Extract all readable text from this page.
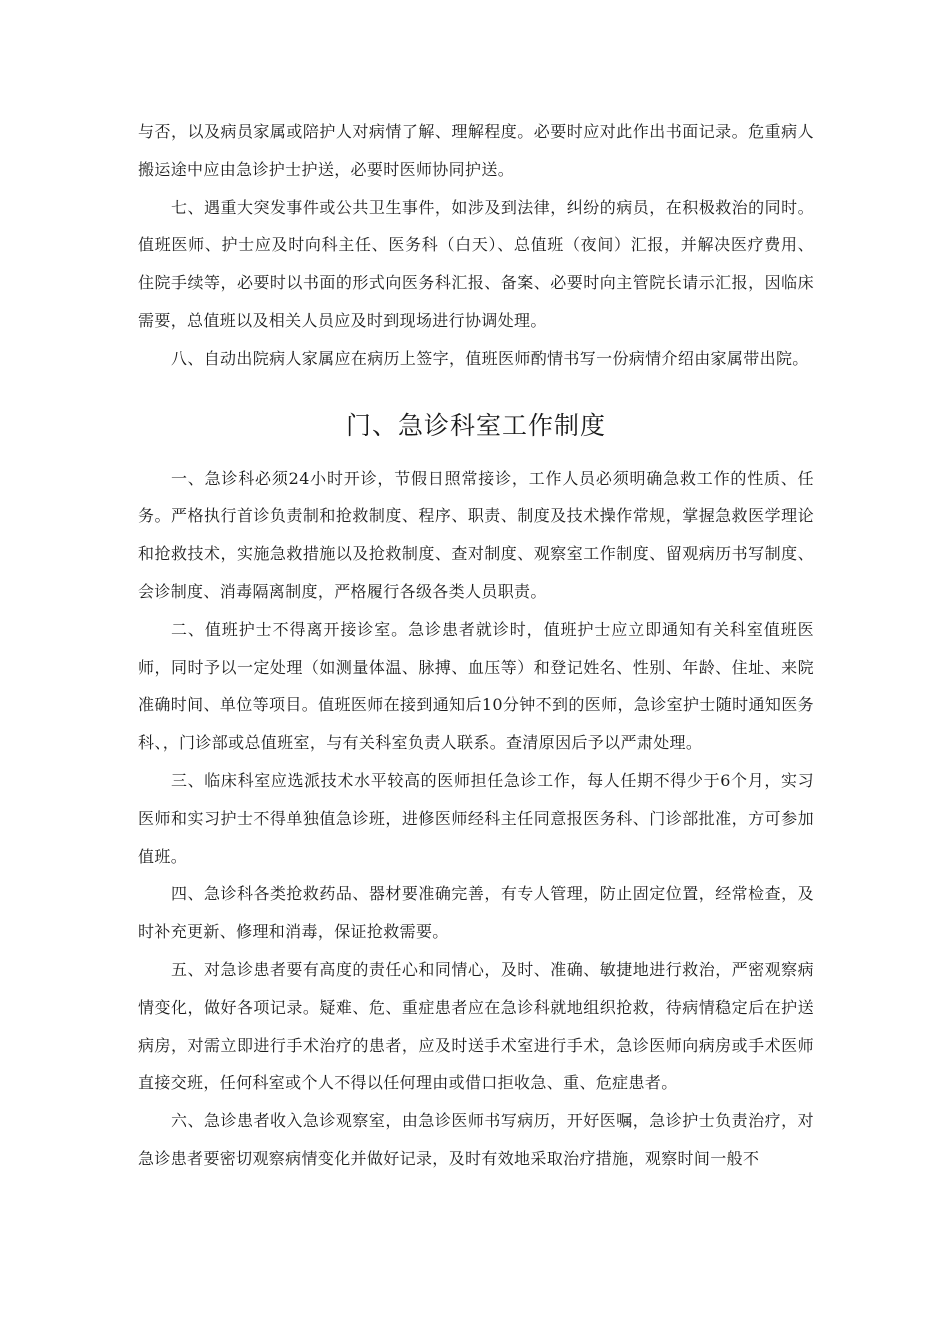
与否，以及病员家属或陪护人对病情了解、理解程度。必要时应对此作出书面记录。危重病人搬运途中应由急诊护士护送，必要时医师协同护送。

七、遇重大突发事件或公共卫生事件，如涉及到法律，纠纷的病员，在积极救治的同时。值班医师、护士应及时向科主任、医务科（白天）、总值班（夜间）汇报，并解决医疗费用、住院手续等，必要时以书面的形式向医务科汇报、备案、必要时向主管院长请示汇报，因临床需要，总值班以及相关人员应及时到现场进行协调处理。

八、自动出院病人家属应在病历上签字，值班医师酌情书写一份病情介绍由家属带出院。

门、急诊科室工作制度

一、急诊科必须24小时开诊，节假日照常接诊，工作人员必须明确急救工作的性质、任务。严格执行首诊负责制和抢救制度、程序、职责、制度及技术操作常规，掌握急救医学理论和抢救技术，实施急救措施以及抢救制度、查对制度、观察室工作制度、留观病历书写制度、会诊制度、消毒隔离制度，严格履行各级各类人员职责。

二、值班护士不得离开接诊室。急诊患者就诊时，值班护士应立即通知有关科室值班医师，同时予以一定处理（如测量体温、脉搏、血压等）和登记姓名、性别、年龄、住址、来院准确时间、单位等项目。值班医师在接到通知后10分钟不到的医师，急诊室护士随时通知医务科、，门诊部或总值班室，与有关科室负责人联系。查清原因后予以严肃处理。

三、临床科室应选派技术水平较高的医师担任急诊工作，每人任期不得少于6个月，实习医师和实习护士不得单独值急诊班，进修医师经科主任同意报医务科、门诊部批准，方可参加值班。

四、急诊科各类抢救药品、器材要准确完善，有专人管理，防止固定位置，经常检查，及时补充更新、修理和消毒，保证抢救需要。

五、对急诊患者要有高度的责任心和同情心，及时、准确、敏捷地进行救治，严密观察病情变化，做好各项记录。疑难、危、重症患者应在急诊科就地组织抢救，待病情稳定后在护送病房，对需立即进行手术治疗的患者，应及时送手术室进行手术，急诊医师向病房或手术医师直接交班，任何科室或个人不得以任何理由或借口拒收急、重、危症患者。

六、急诊患者收入急诊观察室，由急诊医师书写病历，开好医嘱，急诊护士负责治疗，对急诊患者要密切观察病情变化并做好记录，及时有效地采取治疗措施，观察时间一般不
